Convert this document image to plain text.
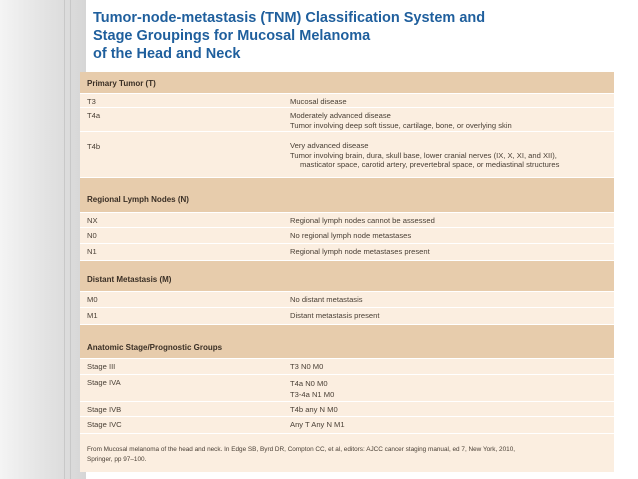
Tumor-node-metastasis (TNM) Classification System and
Stage Groupings for Mucosal Melanoma
of the Head and Neck
Primary Tumor (T)
T3	Mucosal disease
T4a	Moderately advanced disease
Tumor involving deep soft tissue, cartilage, bone, or overlying skin
T4b	Very advanced disease
Tumor involving brain, dura, skull base, lower cranial nerves (IX, X, XI, and XII),
masticator space, carotid artery, prevertebral space, or mediastinal structures
Regional Lymph Nodes (N)
NX	Regional lymph nodes cannot be assessed
N0	No regional lymph node metastases
N1	Regional lymph node metastases present
Distant Metastasis (M)
M0	No distant metastasis
M1	Distant metastasis present
Anatomic Stage/Prognostic Groups
Stage III	T3 N0 M0
Stage IVA	T4a N0 M0
T3-4a N1 M0
Stage IVB	T4b any N M0
Stage IVC	Any T Any N M1
From Mucosal melanoma of the head and neck. In Edge SB, Byrd DR, Compton CC, et al, editors: AJCC cancer staging manual, ed 7, New York, 2010,
Springer, pp 97–100.
